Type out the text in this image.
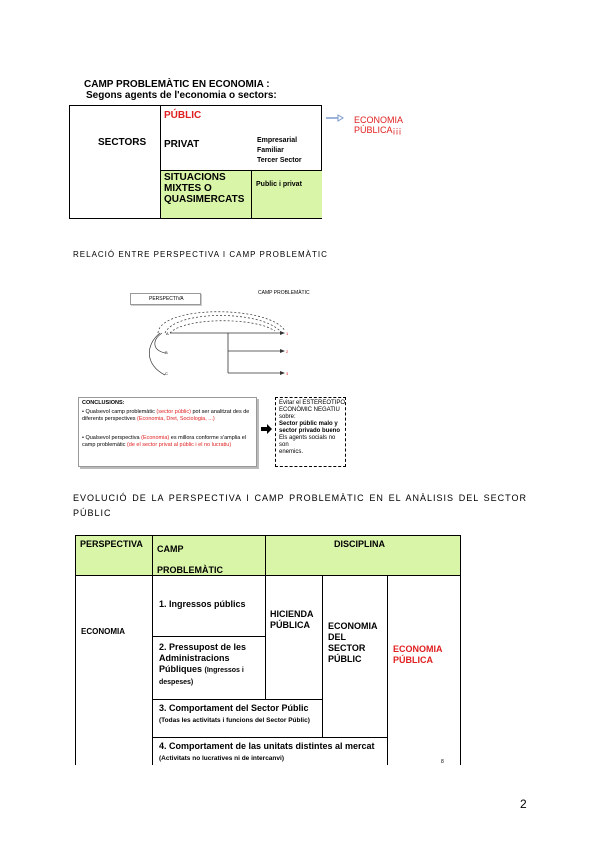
CAMP PROBLEMÀTIC EN ECONOMIA :
Segons agents de l'economia o sectors:
SECTORS
PÚBLIC
PRIVAT	Empresarial
Familiar
Tercer Sector
SITUACIONS
MIXTES O
QUASIMERCATS
Public i privat
ECONOMIA
PÚBLICA¡¡¡
RELACIÓ ENTRE PERSPECTIVA I CAMP PROBLEMÀTIC
PERSPECTIVA
CAMP PROBLEMÀTIC
A
B
C
1
2
3
CONCLUSIONS:
• Qualsevol camp problemàtic (sector públic) pot ser analitzat des de diferents perspectives (Economia, Dret, Sociologia, ...)
• Qualsevol perspectiva (Economia) es millora conforme s'amplia el camp problemàtic (de el sector privat al públic i el no lucratiu)
Evitar el ESTEREOTIPO
ECONÒMIC NEGATIU
sobre:
Sector públic malo y
sector privado bueno
Els agents socials no son
enemics.
EVOLUCIÓ DE LA PERSPECTIVA I CAMP PROBLEMÀTIC EN EL ANÀLISIS DEL SECTOR PÚBLIC
PERSPECTIVA CAMP
PROBLEMÀTIC
DISCIPLINA
ECONOMIA
1. Ingressos públics
2. Pressupost de les Administracions Públiques (Ingressos i despeses)
3. Comportament del Sector Públic (Todas les activitats i funcions del Sector Públic)
4. Comportament de las unitats distintes al mercat (Activitats no lucratives ni de intercanvi)
HICIENDA
PÚBLICA	ECONOMIA
DEL
SECTOR
PÚBLIC
ECONOMIA
PÚBLICA
8
2
